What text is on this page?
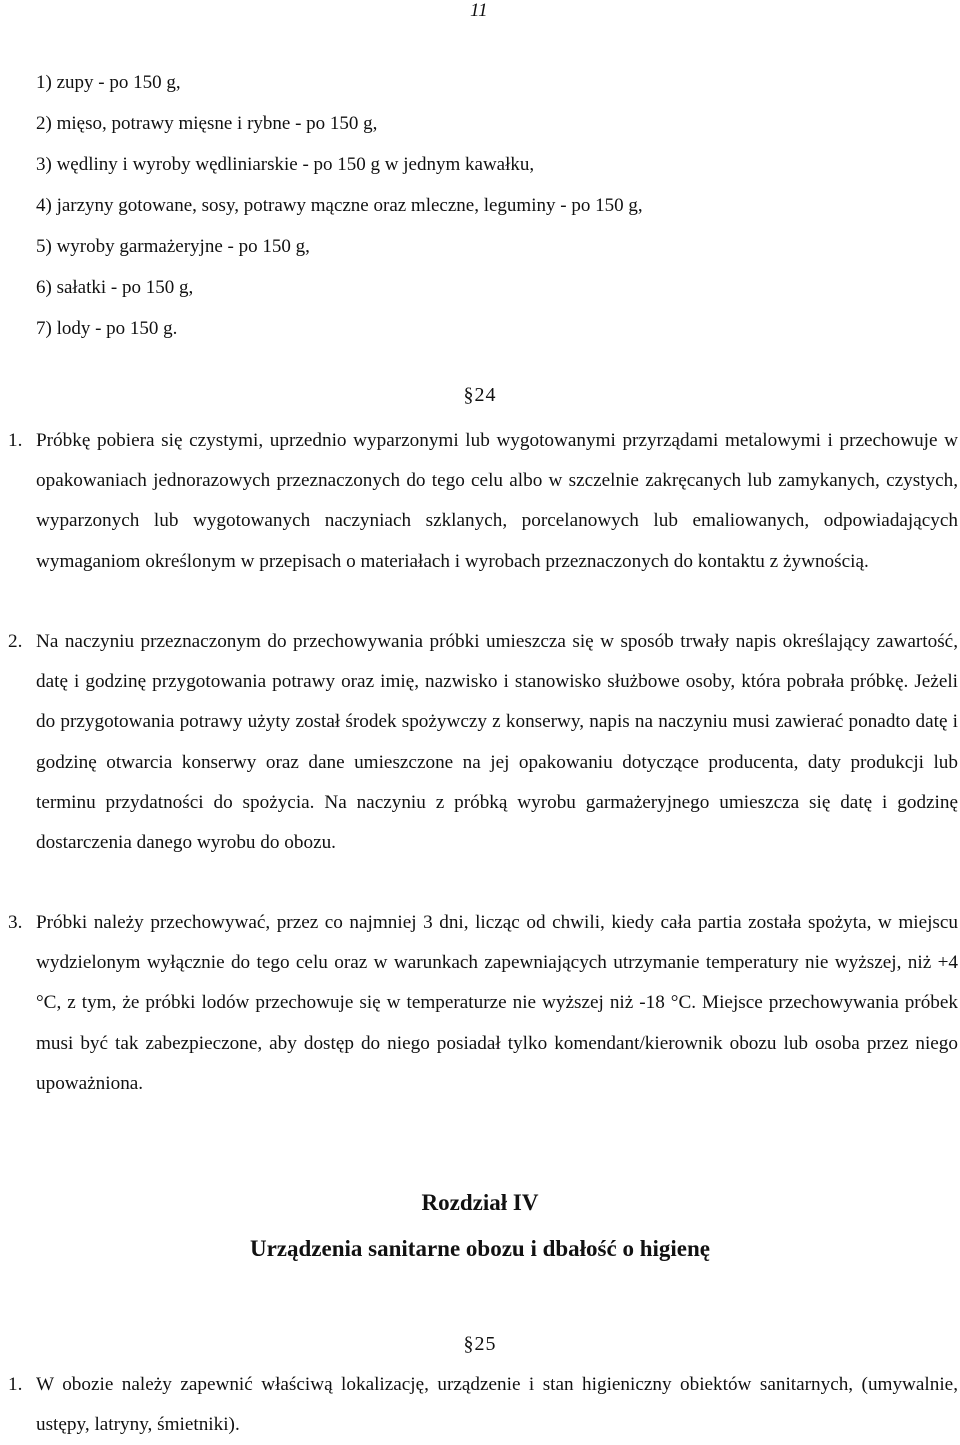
11
1) zupy - po 150 g,
2) mięso, potrawy mięsne i rybne - po 150 g,
3) wędliny i wyroby wędliniarskie - po 150 g w jednym kawałku,
4) jarzyny gotowane, sosy, potrawy mączne oraz mleczne, leguminy - po 150 g,
5) wyroby garmażeryjne - po 150 g,
6) sałatki - po 150 g,
7) lody - po 150 g.
§24
1. Próbkę pobiera się czystymi, uprzednio wyparzonymi lub wygotowanymi przyrządami metalowymi i przechowuje w opakowaniach jednorazowych przeznaczonych do tego celu albo w szczelnie zakręcanych lub zamykanych, czystych, wyparzonych lub wygotowanych naczyniach szklanych, porcelanowych lub emaliowanych, odpowiadających wymaganiom określonym w przepisach o materiałach i wyrobach przeznaczonych do kontaktu z żywnością.
2. Na naczyniu przeznaczonym do przechowywania próbki umieszcza się w sposób trwały napis określający zawartość, datę i godzinę przygotowania potrawy oraz imię, nazwisko i stanowisko służbowe osoby, która pobrała próbkę. Jeżeli do przygotowania potrawy użyty został środek spożywczy z konserwy, napis na naczyniu musi zawierać ponadto datę i godzinę otwarcia konserwy oraz dane umieszczone na jej opakowaniu dotyczące producenta, daty produkcji lub terminu przydatności do spożycia. Na naczyniu z próbką wyrobu garmażeryjnego umieszcza się datę i godzinę dostarczenia danego wyrobu do obozu.
3. Próbki należy przechowywać, przez co najmniej 3 dni, licząc od chwili, kiedy cała partia została spożyta, w miejscu wydzielonym wyłącznie do tego celu oraz w warunkach zapewniających utrzymanie temperatury nie wyższej, niż +4 °C, z tym, że próbki lodów przechowuje się w temperaturze nie wyższej niż -18 °C. Miejsce przechowywania próbek musi być tak zabezpieczone, aby dostęp do niego posiadał tylko komendant/kierownik obozu lub osoba przez niego upoważniona.
Rozdział IV
Urządzenia sanitarne obozu i dbałość o higienę
§25
1. W obozie należy zapewnić właściwą lokalizację, urządzenie i stan higieniczny obiektów sanitarnych, (umywalnie, ustępy, latryny, śmietniki).
